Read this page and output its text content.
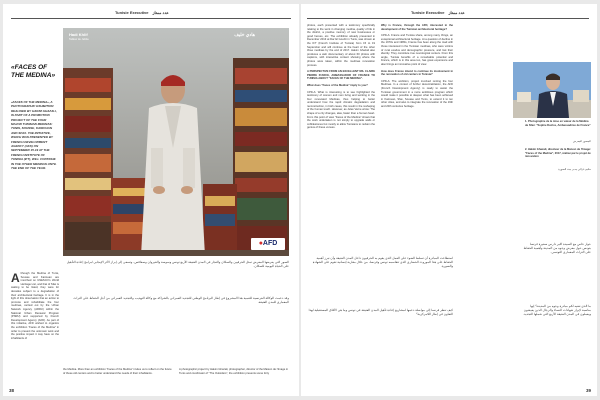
Tunisie Executive عدد ممتاز
«FACES OF THE MEDINA»
«FACES OF THE MEDINA», A PHOTOGRAPHIC EXHIBITION REALISED BY HAKIM GHAZALI, IS PART OF A PROMOTION PROJECT OF THE FOUR MAJOR TUNISIAN MEDINAS: TUNIS, SOUSSE, KAIROUAN AND SFAX. THE INITIATIVE, WHICH WAS PRESENTED BY FRENCH DEVELOPMENT AGENCY (AFD) ON SEPTEMBER 15-19 AT THE FRENCH INSTITUTE OF TUNISIA (IFT), WILL CONTINUE IN THE OTHER MEDINAS UNTIL THE END OF THE YEAR.
Although the Medina of Tunis, Sousse and Kairouan are inscribed on UNESCO's World Heritage List, and that of Sfax is waiting to be listed, they were for decades subject to a degradation of their architectural heritage. It is in the light of this observation that an action to promote and rehabilitate the four medinas, carried out by the Urban Network Agency (ARRU) within the National Urban Renewal Program (PNRU) and supported by French Development Agency (AFD). As part of this initiative, AFD wished to organize the exhibition "Faces of the Medina" in order to present the unknown work and the positive impact it may have on the inhabitants of
Hadi Khlif
Tailleur de Jebba
هادي خليف
●AFD
الصور التي يعرضها المعرض تمثل الحرفيين والسكان والتجار في المدن العتيقة الأربع تونس وسوسة والقيروان وصفاقس، وتسعى إلى إبراز الأثر الإيجابي لبرامج إعادة التأهيل على الحياة اليومية للسكان.
وقد دعمت الوكالة الفرنسية للتنمية هذا المشروع في إطار البرنامج الوطني للتجديد العمراني بالشراكة مع وكالة التهذيب والتجديد العمراني من أجل الحفاظ على التراث المعماري للمدن العتيقة.
the Medina. More than an exhibition "Faces of the Medina" invites us to reflect on the future of these old centers and to better understand the needs of their inhabitants.
A photographic project by Hakim Ghazali, photographer, director of the Maison de l'Image in Tunis and coordinator of "The Outsiders", the exhibition presents some forty
38
Tunisie Executive عدد ممتاز

photos, each presented with a testimony specifically relating to the work in changing medina, quality of life in the district, a positive memory of new businesses or good heroes, etc. The exhibition already presented in December 2013 at Dar El Gourbi in Tunis, was shown at the IFT (French Institute of Tunisia) from 15 to 19 September and will continue at the heart of the other three medinas by the end of 2017. Hakim Ghazali also produces a web documentary of about 60 photos with captions, with interactive content showing where the photos were taken, within the medinas renovation process.

A PERSPECTIVE FROM AN EXCELLENT MS. CLAIRE PIERRE D'ARCE, AMBASSADOR OF FRANCE TO TUNISIA ABOUT "FACES OF THE MEDINA".

What does "Faces of the Medina" imply to you?

CPD-A: What is interesting is to see highlighted the testimony of women and men living and working in the four renovated Medinas, thus helping to better understand how the rapid climatic degradation and reconstruction, in both cases, this result in the reshaping of the human touch. However, as Jules Verne wrote: The shape of a city changes, alas, faster than a human heart. From this point of view "Faces of the Medina" shows that the work undertaken is not simply to upgrade walls or cobblestones but mostly to allow Tunisians to reclaim the genius of these venues.

Why is France, through the AFD, interested in the development of the Tunisian architectural heritage?

CPD-A: France and Tunisia share, among many things, an exceptional architectural heritage. At a question of decline in the 1970s and 1980s, France has been along the road with those interested in the Tunisian medinas, who were victims of rural exodus and demographic pressure, and lost their identity. They constitute true neurological centers. From this angle, Tunisia benefits of a remarkable potential and France, which is in this area too, has great experience and also brings an innovative point of view.

How does France intend to continue its involvement in the renovation of old centers in Tunisia?

CPD-A: The ambition, project involved renting the four Medinas. In a context of further decentralization, the AFD (French Development Agency) is ready to assist the Tunisian government in a more ambitious program which would make it possible to deepen what has been achieved in Kairouan, Sfax, Sousse and Tunis, to extend it to ten other cities, and also to integrate the renovation of the 19th and 20th centuries heritage.

1. Photographie de la mise en valeur de la Médina de Sfax: "Sophie Duclos, Ambassadrice de France"
المصور المعرض
2. Hakim Ghazali, directeur de la Maison de l'Image: "Faces of the Medina", 2017, réalisé par le projet de rénovation
حكيم غزالي مدير بيت الصورة
استطاعت المبادرة أن تسلط الضوء على العمل الذي يقوم به الحرفيون داخل المدن العتيقة وأن تبرز أهمية الحفاظ على هذا الموروث الحضاري الذي تتقاسمه تونس وفرنسا، من خلال مقاربة إنسانية تقوم على الشهادة والصورة.
كيف تنظر فرنسا إلى مواصلة دعمها لمشاريع إعادة تأهيل المدن العتيقة في تونس وما هي الآفاق المستقبلية لهذا التعاون في إطار اللامركزية؟
حوار خاص مع السيدة كلير دارس سفيرة فرنسا بتونس حول معرض وجوه من المدينة وأهمية الحفاظ على التراث المعماري التونسي.
ما الذي تعنيه لكم مبادرة وجوه من المدينة؟ إنها مناسبة لإبراز شهادات النساء والرجال الذين يعيشون ويعملون في المدن العتيقة الأربع التي شملها التجديد.
39
